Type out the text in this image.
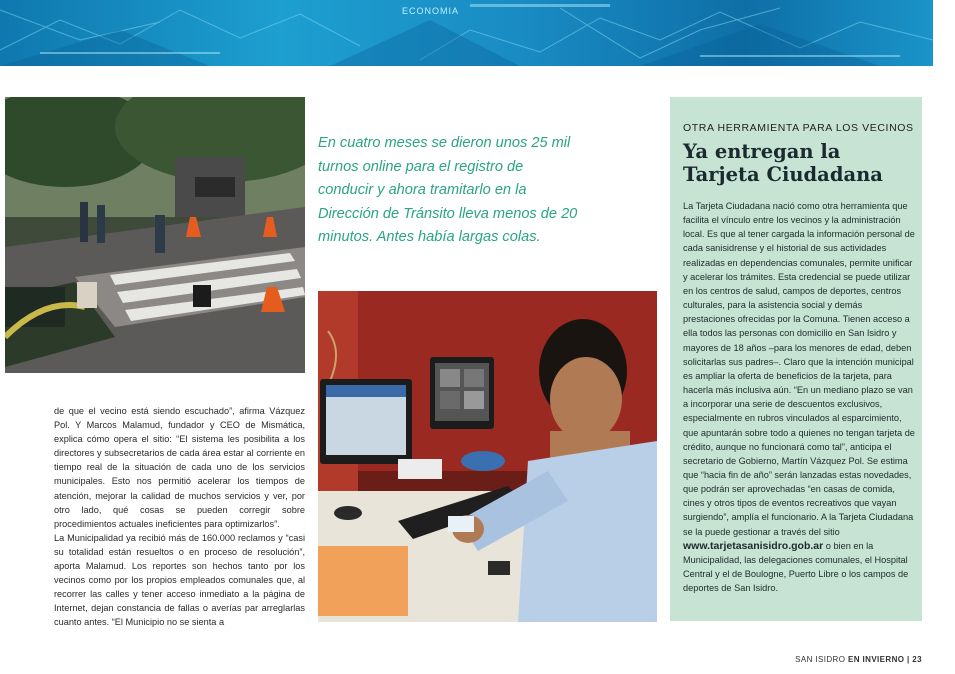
ECONOMIA

En cuatro meses se dieron unos 25 mil turnos online para el registro de conducir y ahora tramitarlo en la Dirección de Tránsito lleva menos de 20 minutos. Antes había largas colas.

de que el vecino está siendo escuchado”, afirma Vázquez Pol. Y Marcos Malamud, fundador y CEO de Mismática, explica cómo opera el sitio: “El sistema les posibilita a los directores y subsecretarios de cada área estar al corriente en tiempo real de la situación de cada uno de los servicios municipales. Esto nos permitió acelerar los tiempos de atención, mejorar la calidad de muchos servicios y ver, por otro lado, qué cosas se pueden corregir sobre procedimientos actuales ineficientes para optimizarlos”.

La Municipalidad ya recibió más de 160.000 reclamos y “casi su totalidad están resueltos o en proceso de resolución”, aporta Malamud. Los reportes son hechos tanto por los vecinos como por los propios empleados comunales que, al recorrer las calles y tener acceso inmediato a la página de Internet, dejan constancia de fallas o averías par arreglarlas cuanto antes. “El Municipio no se sienta a

OTRA HERRAMIENTA PARA LOS VECINOS
Ya entregan la Tarjeta Ciudadana

La Tarjeta Ciudadana nació como otra herramienta que facilita el vínculo entre los vecinos y la administración local. Es que al tener cargada la información personal de cada sanisidrense y el historial de sus actividades realizadas en dependencias comunales, permite unificar y acelerar los trámites. Esta credencial se puede utilizar en los centros de salud, campos de deportes, centros culturales, para la asistencia social y demás prestaciones ofrecidas por la Comuna. Tienen acceso a ella todos las personas con domicilio en San Isidro y mayores de 18 años –para los menores de edad, deben solicitarlas sus padres–. Claro que la intención municipal es ampliar la oferta de beneficios de la tarjeta, para hacerla más inclusiva aún. “En un mediano plazo se van a incorporar una serie de descuentos exclusivos, especialmente en rubros vinculados al esparcimiento, que apuntarán sobre todo a quienes no tengan tarjeta de crédito, aunque no funcionará como tal”, anticipa el secretario de Gobierno, Martín Vázquez Pol. Se estima que “hacia fin de año” serán lanzadas estas novedades, que podrán ser aprovechadas “en casas de comida, cines y otros tipos de eventos recreativos que vayan surgiendo”, amplía el funcionario. A la Tarjeta Ciudadana se la puede gestionar a través del sitio www.tarjetasanisidro.gob.ar o bien en la Municipalidad, las delegaciones comunales, el Hospital Central y el de Boulogne, Puerto Libre o los campos de deportes de San Isidro.

SAN ISIDRO EN INVIERNO | 23
